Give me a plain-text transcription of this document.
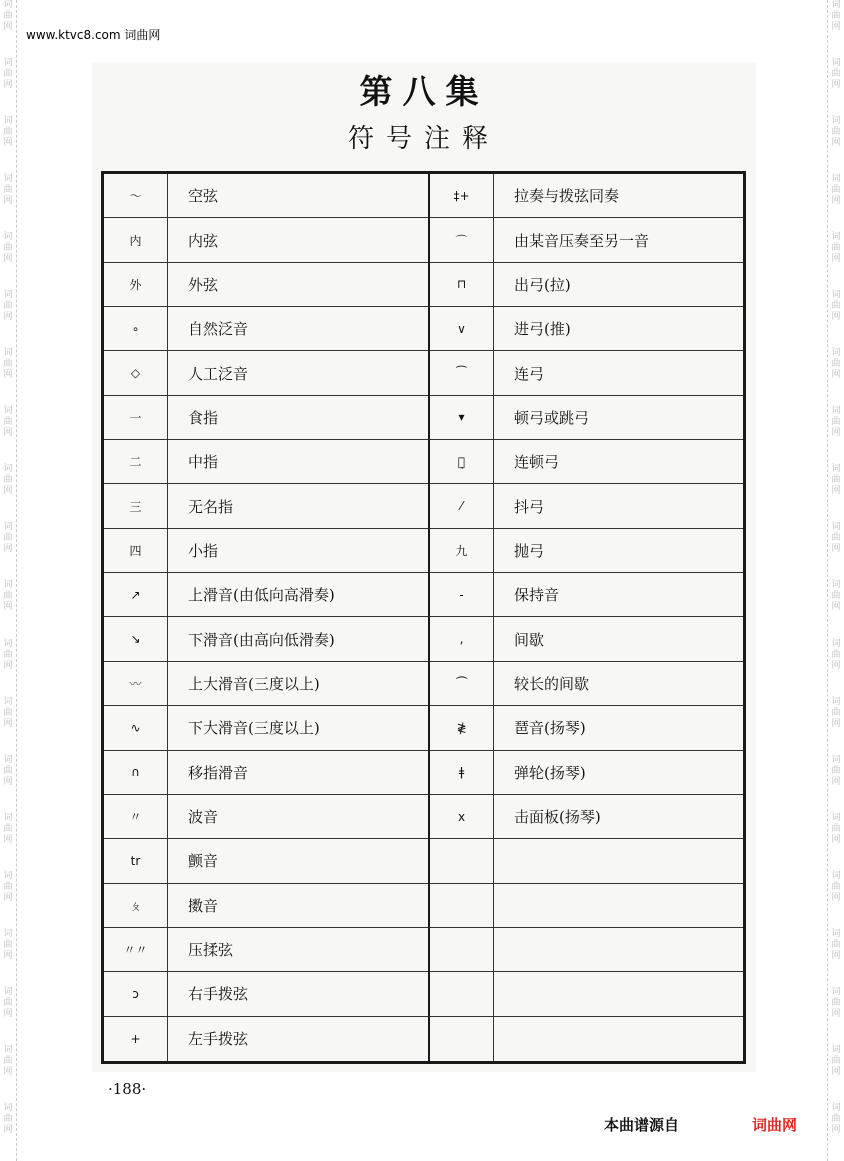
词
曲
网
词
曲
网
词
曲
网
词
曲
网
词
曲
网
词
曲
网
词
曲
网
词
曲
网
词
曲
网
词
曲
网
词
曲
网
词
曲
网
词
曲
网
词
曲
网
词
曲
网
词
曲
网
词
曲
网
词
曲
网
词
曲
网
词
曲
网
词
曲
网
词
曲
网
词
曲
网
词
曲
网
词
曲
网
词
曲
网
词
曲
网
词
曲
网
词
曲
网
词
曲
网
词
曲
网
词
曲
网
词
曲
网
词
曲
网
词
曲
网
词
曲
网
词
曲
网
词
曲
网
词
曲
网
词
曲
网
www.ktvc8.com 词曲网
第八集
符号注释
〜	空弦	‡+	拉奏与拨弦同奏
内	内弦	⌒	由某音压奏至另一音
外	外弦	⊓	出弓(拉)
∘	自然泛音	∨	进弓(推)
◇	人工泛音	⁀	连弓
一	食指	▾	顿弓或跳弓
二	中指	⌒̣̣	连顿弓
三	无名指	⁄	抖弓
四	小指	九	抛弓
↗	上滑音(由低向高滑奏)	-	保持音
↘	下滑音(由高向低滑奏)	,	间歇
〰	上大滑音(三度以上)	⏜	较长的间歇
∿	下大滑音(三度以上)	≹	琶音(扬琴)
∩	移指滑音	ǂ	弹轮(扬琴)
〃	波音	ⅹ	击面板(扬琴)
tr	颤音
ㄆ	擞音
〃〃	压揉弦
ↄ	右手拨弦
+	左手拨弦
·188·
本曲谱源自	词曲网
